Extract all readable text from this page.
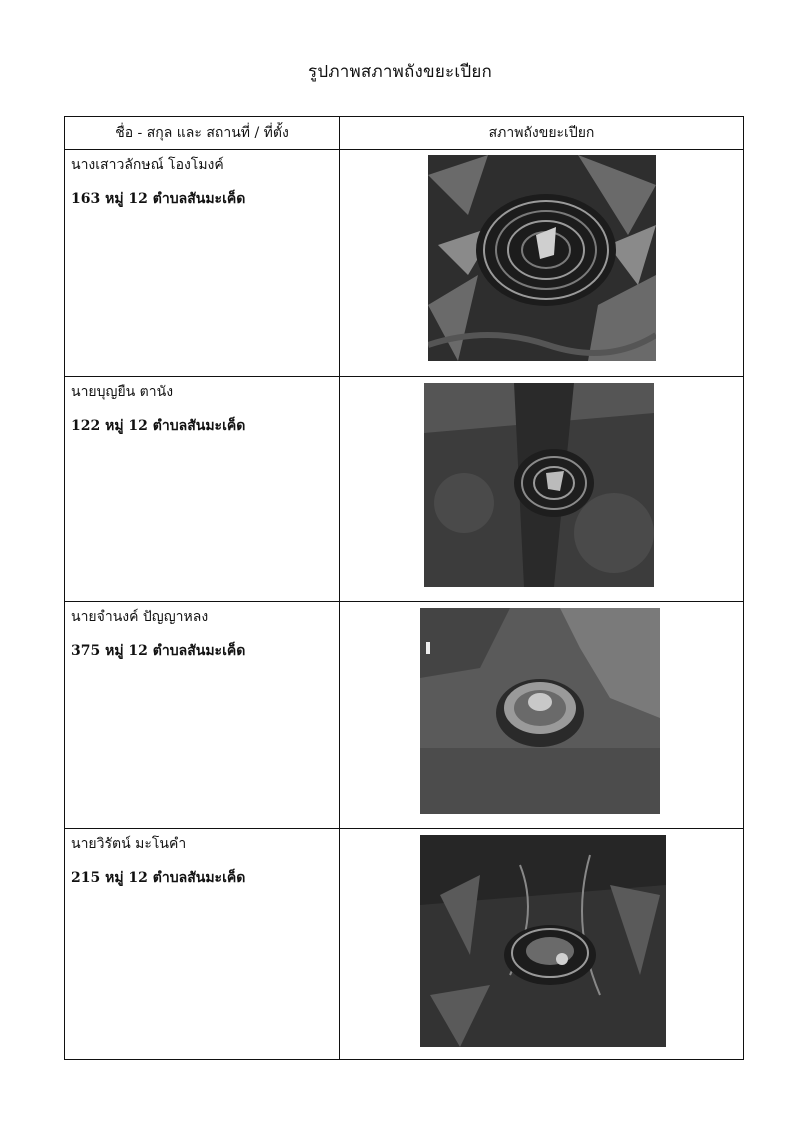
รูปภาพสภาพถังขยะเปียก
ชื่อ - สกุล และ สถานที่ / ที่ตั้ง	สภาพถังขยะเปียก

นางเสาวลักษณ์ โองโมงค์
163 หมู่ 12 ตำบลสันมะเค็ด

นายบุญยืน ตานัง
122 หมู่ 12 ตำบลสันมะเค็ด

นายจำนงค์ ปัญญาหลง
375 หมู่ 12 ตำบลสันมะเค็ด

นายวิรัตน์ มะโนคำ
215 หมู่ 12 ตำบลสันมะเค็ด
